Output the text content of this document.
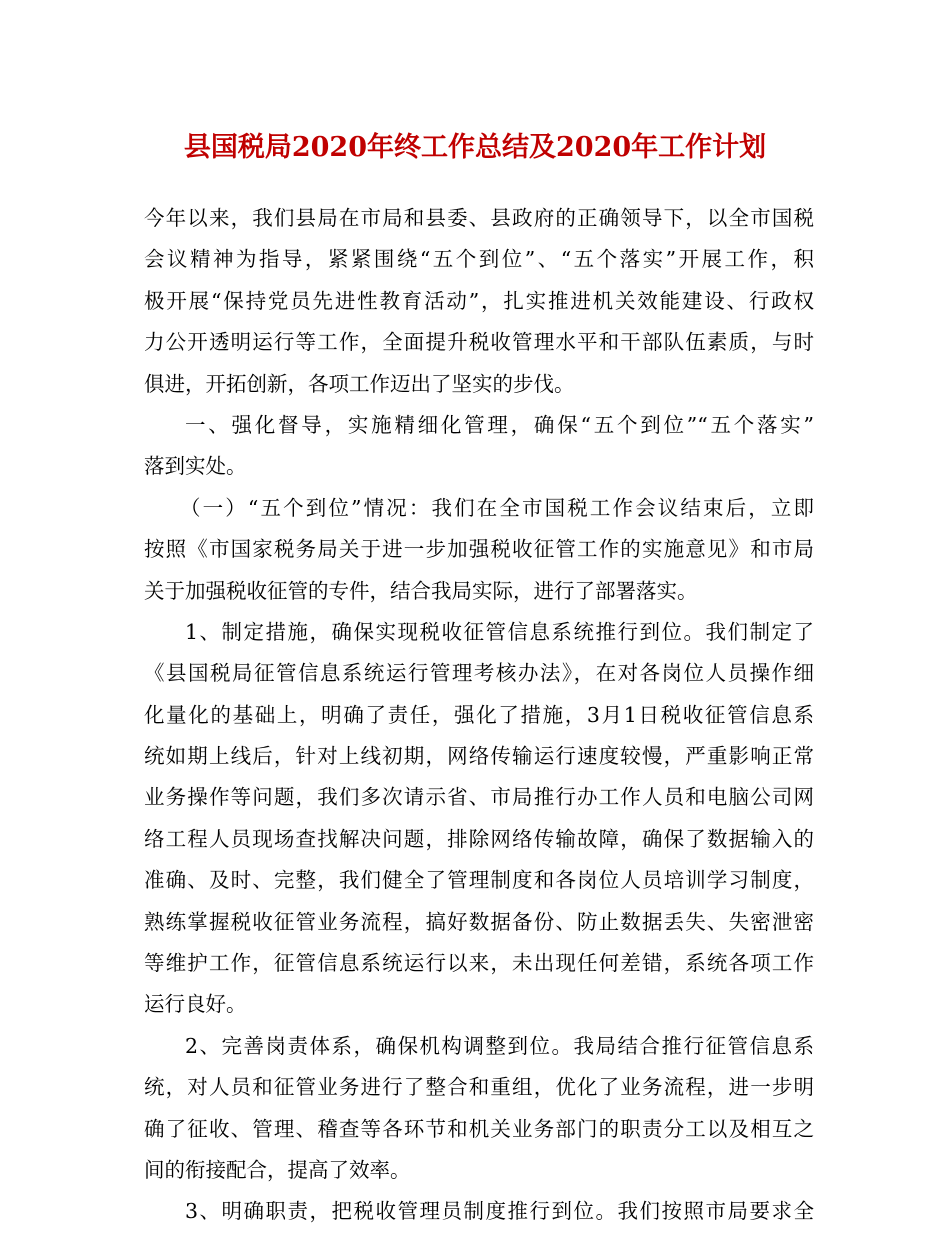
县国税局2020年终工作总结及2020年工作计划
今年以来，我们县局在市局和县委、县政府的正确领导下，以全市国税
会议精神为指导，紧紧围绕“五个到位”、“五个落实”开展工作，积
极开展“保持党员先进性教育活动”，扎实推进机关效能建设、行政权
力公开透明运行等工作，全面提升税收管理水平和干部队伍素质，与时
俱进，开拓创新，各项工作迈出了坚实的步伐。
一、强化督导，实施精细化管理，确保“五个到位”“五个落实”
落到实处。
（一）“五个到位”情况：我们在全市国税工作会议结束后，立即
按照《市国家税务局关于进一步加强税收征管工作的实施意见》和市局
关于加强税收征管的专件，结合我局实际，进行了部署落实。
1、制定措施，确保实现税收征管信息系统推行到位。我们制定了
《县国税局征管信息系统运行管理考核办法》，在对各岗位人员操作细
化量化的基础上，明确了责任，强化了措施，3月1日税收征管信息系
统如期上线后，针对上线初期，网络传输运行速度较慢，严重影响正常
业务操作等问题，我们多次请示省、市局推行办工作人员和电脑公司网
络工程人员现场查找解决问题，排除网络传输故障，确保了数据输入的
准确、及时、完整，我们健全了管理制度和各岗位人员培训学习制度，
熟练掌握税收征管业务流程，搞好数据备份、防止数据丢失、失密泄密
等维护工作，征管信息系统运行以来，未出现任何差错，系统各项工作
运行良好。
2、完善岗责体系，确保机构调整到位。我局结合推行征管信息系
统，对人员和征管业务进行了整合和重组，优化了业务流程，进一步明
确了征收、管理、稽查等各环节和机关业务部门的职责分工以及相互之
间的衔接配合，提高了效率。
3、明确职责，把税收管理员制度推行到位。我们按照市局要求全
